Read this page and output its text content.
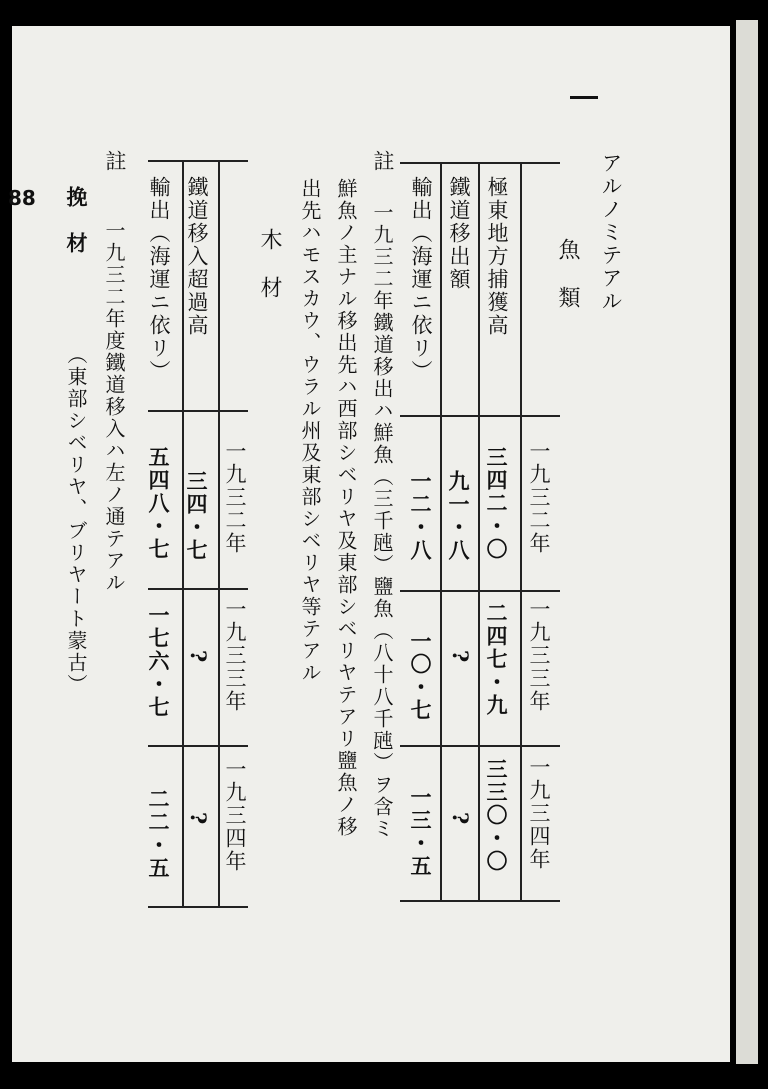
88	アルノミテアル
魚　類
一九三二年
一九三三年
一九三四年
極東地方捕獲高
鐵道移出額
輸出（海運ニ依リ）
三四二・〇
二四七・九
三三〇・〇
九一・八
?
?
一二・八
一〇・七
一三・五
註
一九三二年鐵道移出ハ鮮魚（三千瓲）鹽魚（八十八千瓲）ヲ含ミ
鮮魚ノ主ナル移出先ハ西部シベリヤ及東部シベリヤテアリ鹽魚ノ移
出先ハモスカウ、ウラル州及東部シベリヤ等テアル
木　材
一九三二年
一九三三年
一九三四年
鐵道移入超過高
輸出（海運ニ依リ）
三四・七
?
?
五四八・七
一七六・七
二二・五
註
一九三二年度鐵道移入ハ左ノ通テアル
挽　材
（東部シベリヤ、ブリヤート蒙古）
